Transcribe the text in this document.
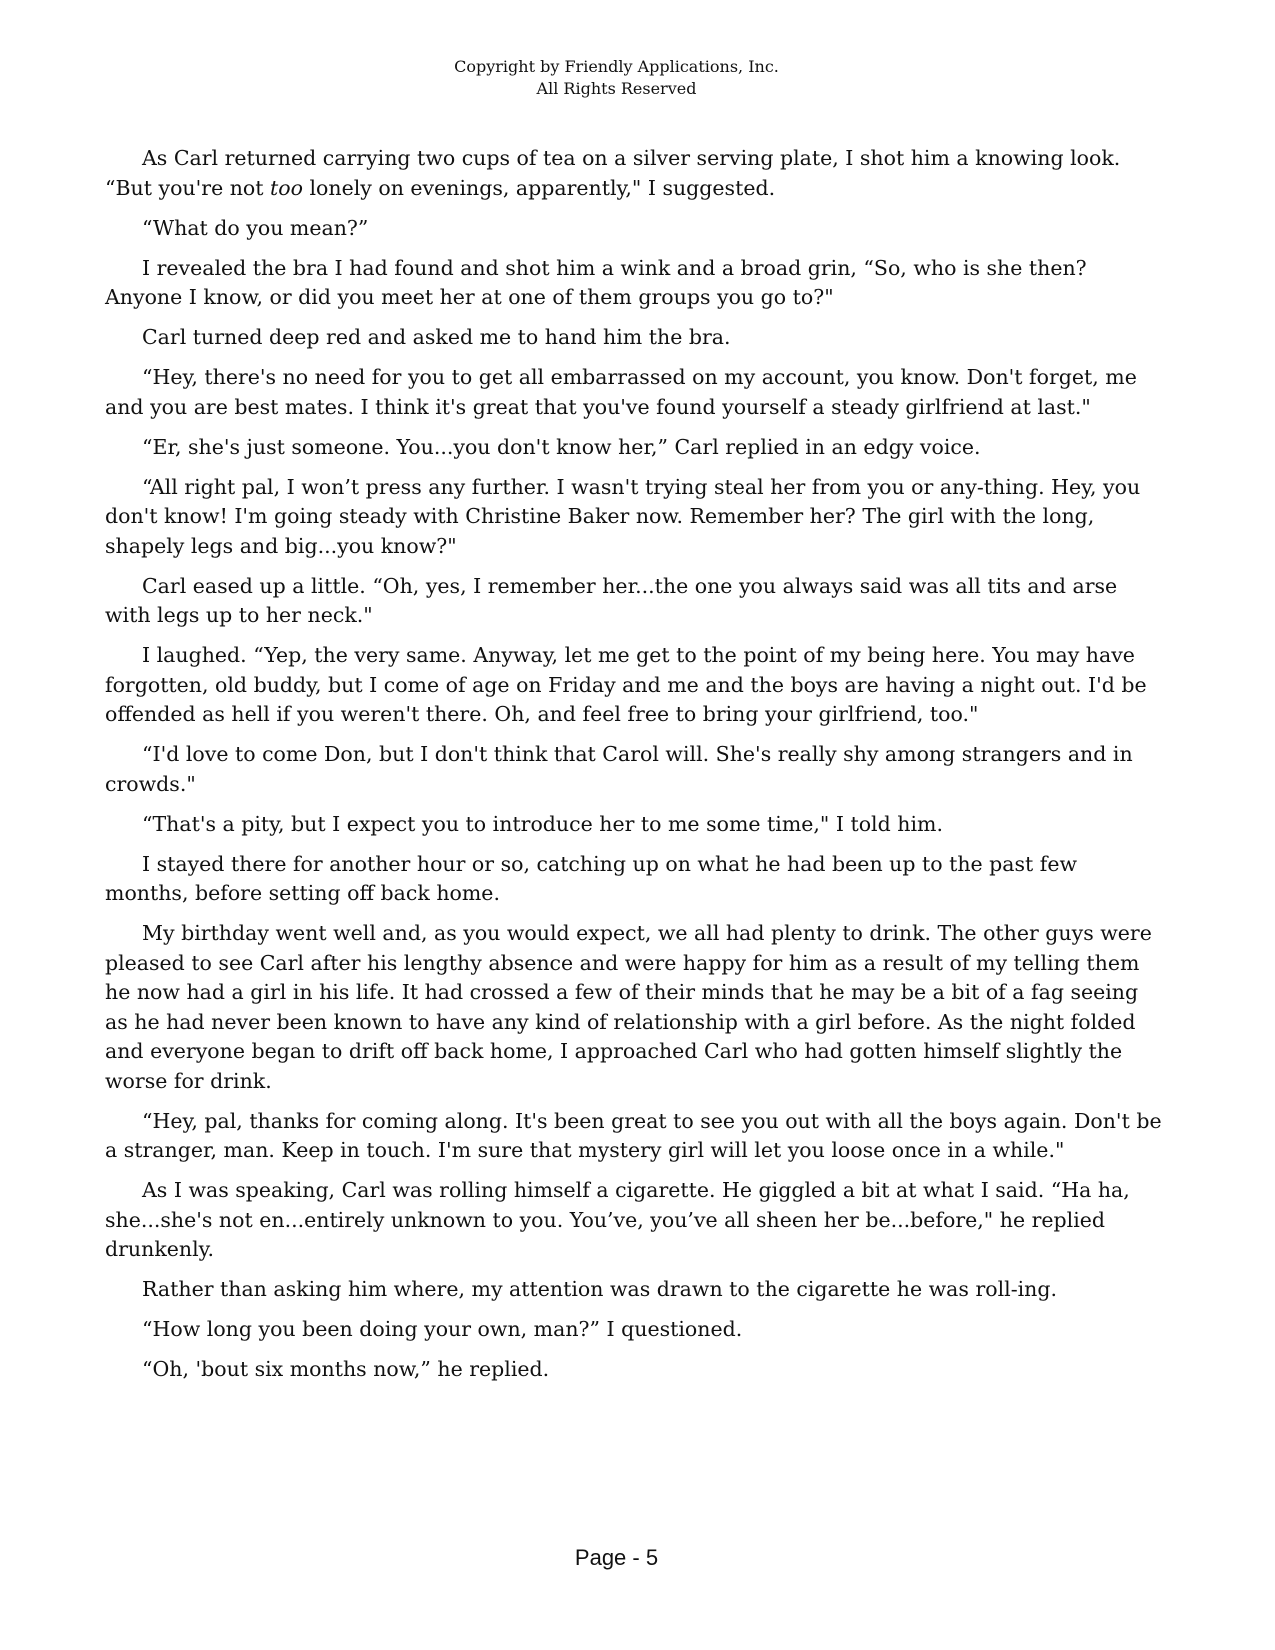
Copyright by Friendly Applications, Inc.
All Rights Reserved

As Carl returned carrying two cups of tea on a silver serving plate, I shot him a knowing look. “But you're not too lonely on evenings, apparently," I suggested.

“What do you mean?”

I revealed the bra I had found and shot him a wink and a broad grin, “So, who is she then? Anyone I know, or did you meet her at one of them groups you go to?"

Carl turned deep red and asked me to hand him the bra.

“Hey, there's no need for you to get all embarrassed on my account, you know. Don't forget, me and you are best mates. I think it's great that you've found yourself a steady girlfriend at last."

“Er, she's just someone. You...you don't know her,” Carl replied in an edgy voice.

“All right pal, I won’t press any further. I wasn't trying steal her from you or any-thing. Hey, you don't know! I'm going steady with Christine Baker now. Remember her? The girl with the long, shapely legs and big...you know?"

Carl eased up a little. “Oh, yes, I remember her...the one you always said was all tits and arse with legs up to her neck."

I laughed. “Yep, the very same. Anyway, let me get to the point of my being here. You may have forgotten, old buddy, but I come of age on Friday and me and the boys are having a night out. I'd be offended as hell if you weren't there. Oh, and feel free to bring your girlfriend, too."

“I'd love to come Don, but I don't think that Carol will. She's really shy among strangers and in crowds."

“That's a pity, but I expect you to introduce her to me some time," I told him.

I stayed there for another hour or so, catching up on what he had been up to the past few months, before setting off back home.

My birthday went well and, as you would expect, we all had plenty to drink. The other guys were pleased to see Carl after his lengthy absence and were happy for him as a result of my telling them he now had a girl in his life. It had crossed a few of their minds that he may be a bit of a fag seeing as he had never been known to have any kind of relationship with a girl before. As the night folded and everyone began to drift off back home, I approached Carl who had gotten himself slightly the worse for drink.

“Hey, pal, thanks for coming along. It's been great to see you out with all the boys again. Don't be a stranger, man. Keep in touch. I'm sure that mystery girl will let you loose once in a while."

As I was speaking, Carl was rolling himself a cigarette. He giggled a bit at what I said. “Ha ha, she...she's not en...entirely unknown to you. You’ve, you’ve all sheen her be...before," he replied drunkenly.

Rather than asking him where, my attention was drawn to the cigarette he was roll-ing.

“How long you been doing your own, man?” I questioned.

“Oh, 'bout six months now,” he replied.

Page - 5
